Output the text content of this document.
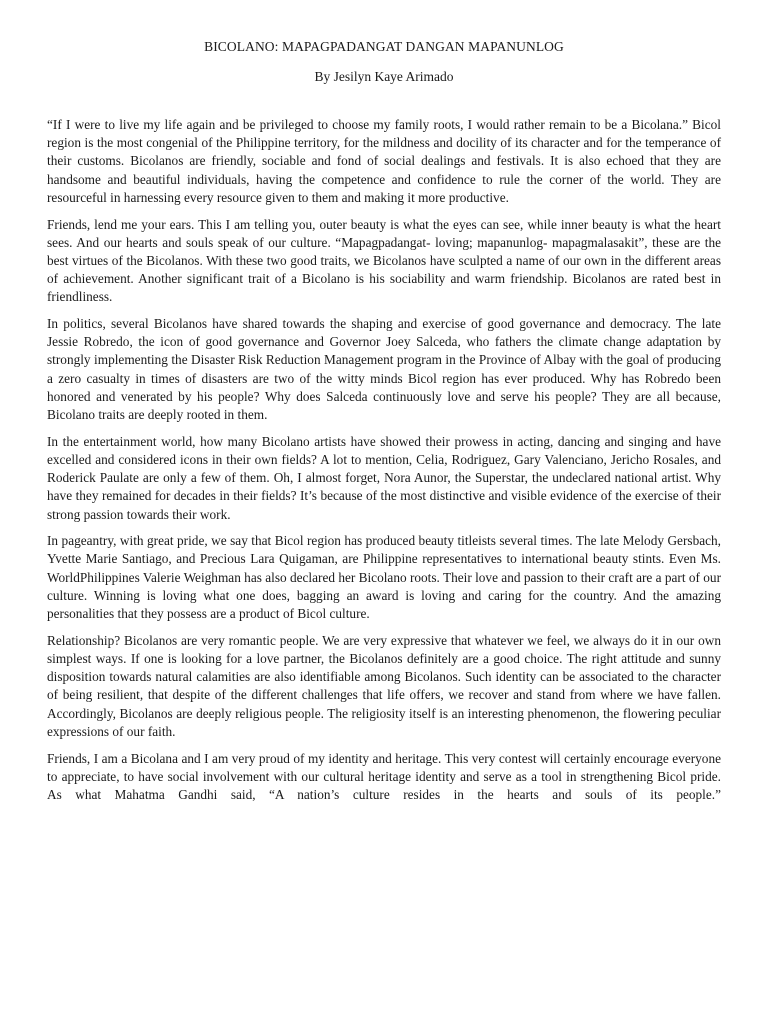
BICOLANO: MAPAGPADANGAT DANGAN MAPANUNLOG
By Jesilyn Kaye Arimado

“If I were to live my life again and be privileged to choose my family roots, I would rather remain to be a Bicolana.” Bicol region is the most congenial of the Philippine territory, for the mildness and docility of its character and for the temperance of their customs. Bicolanos are friendly, sociable and fond of social dealings and festivals. It is also echoed that they are handsome and beautiful individuals, having the competence and confidence to rule the corner of the world. They are resourceful in harnessing every resource given to them and making it more productive.

Friends, lend me your ears. This I am telling you, outer beauty is what the eyes can see, while inner beauty is what the heart sees. And our hearts and souls speak of our culture. “Mapagpadangat- loving; mapanunlog- mapagmalasakit”, these are the best virtues of the Bicolanos. With these two good traits, we Bicolanos have sculpted a name of our own in the different areas of achievement. Another significant trait of a Bicolano is his sociability and warm friendship. Bicolanos are rated best in friendliness.

In politics, several Bicolanos have shared towards the shaping and exercise of good governance and democracy. The late Jessie Robredo, the icon of good governance and Governor Joey Salceda, who fathers the climate change adaptation by strongly implementing the Disaster Risk Reduction Management program in the Province of Albay with the goal of producing a zero casualty in times of disasters are two of the witty minds Bicol region has ever produced. Why has Robredo been honored and venerated by his people? Why does Salceda continuously love and serve his people? They are all because, Bicolano traits are deeply rooted in them.

In the entertainment world, how many Bicolano artists have showed their prowess in acting, dancing and singing and have excelled and considered icons in their own fields? A lot to mention, Celia, Rodriguez, Gary Valenciano, Jericho Rosales, and Roderick Paulate are only a few of them. Oh, I almost forget, Nora Aunor, the Superstar, the undeclared national artist. Why have they remained for decades in their fields? It’s because of the most distinctive and visible evidence of the exercise of their strong passion towards their work.

In pageantry, with great pride, we say that Bicol region has produced beauty titleists several times. The late Melody Gersbach, Yvette Marie Santiago, and Precious Lara Quigaman, are Philippine representatives to international beauty stints. Even Ms. WorldPhilippines Valerie Weighman has also declared her Bicolano roots. Their love and passion to their craft are a part of our culture. Winning is loving what one does, bagging an award is loving and caring for the country. And the amazing personalities that they possess are a product of Bicol culture.

Relationship? Bicolanos are very romantic people. We are very expressive that whatever we feel, we always do it in our own simplest ways. If one is looking for a love partner, the Bicolanos definitely are a good choice. The right attitude and sunny disposition towards natural calamities are also identifiable among Bicolanos. Such identity can be associated to the character of being resilient, that despite of the different challenges that life offers, we recover and stand from where we have fallen. Accordingly, Bicolanos are deeply religious people. The religiosity itself is an interesting phenomenon, the flowering peculiar expressions of our faith.

Friends, I am a Bicolana and I am very proud of my identity and heritage. This very contest will certainly encourage everyone to appreciate, to have social involvement with our cultural heritage identity and serve as a tool in strengthening Bicol pride. As what Mahatma Gandhi said, “A nation’s culture resides in the hearts and souls of its people.”
